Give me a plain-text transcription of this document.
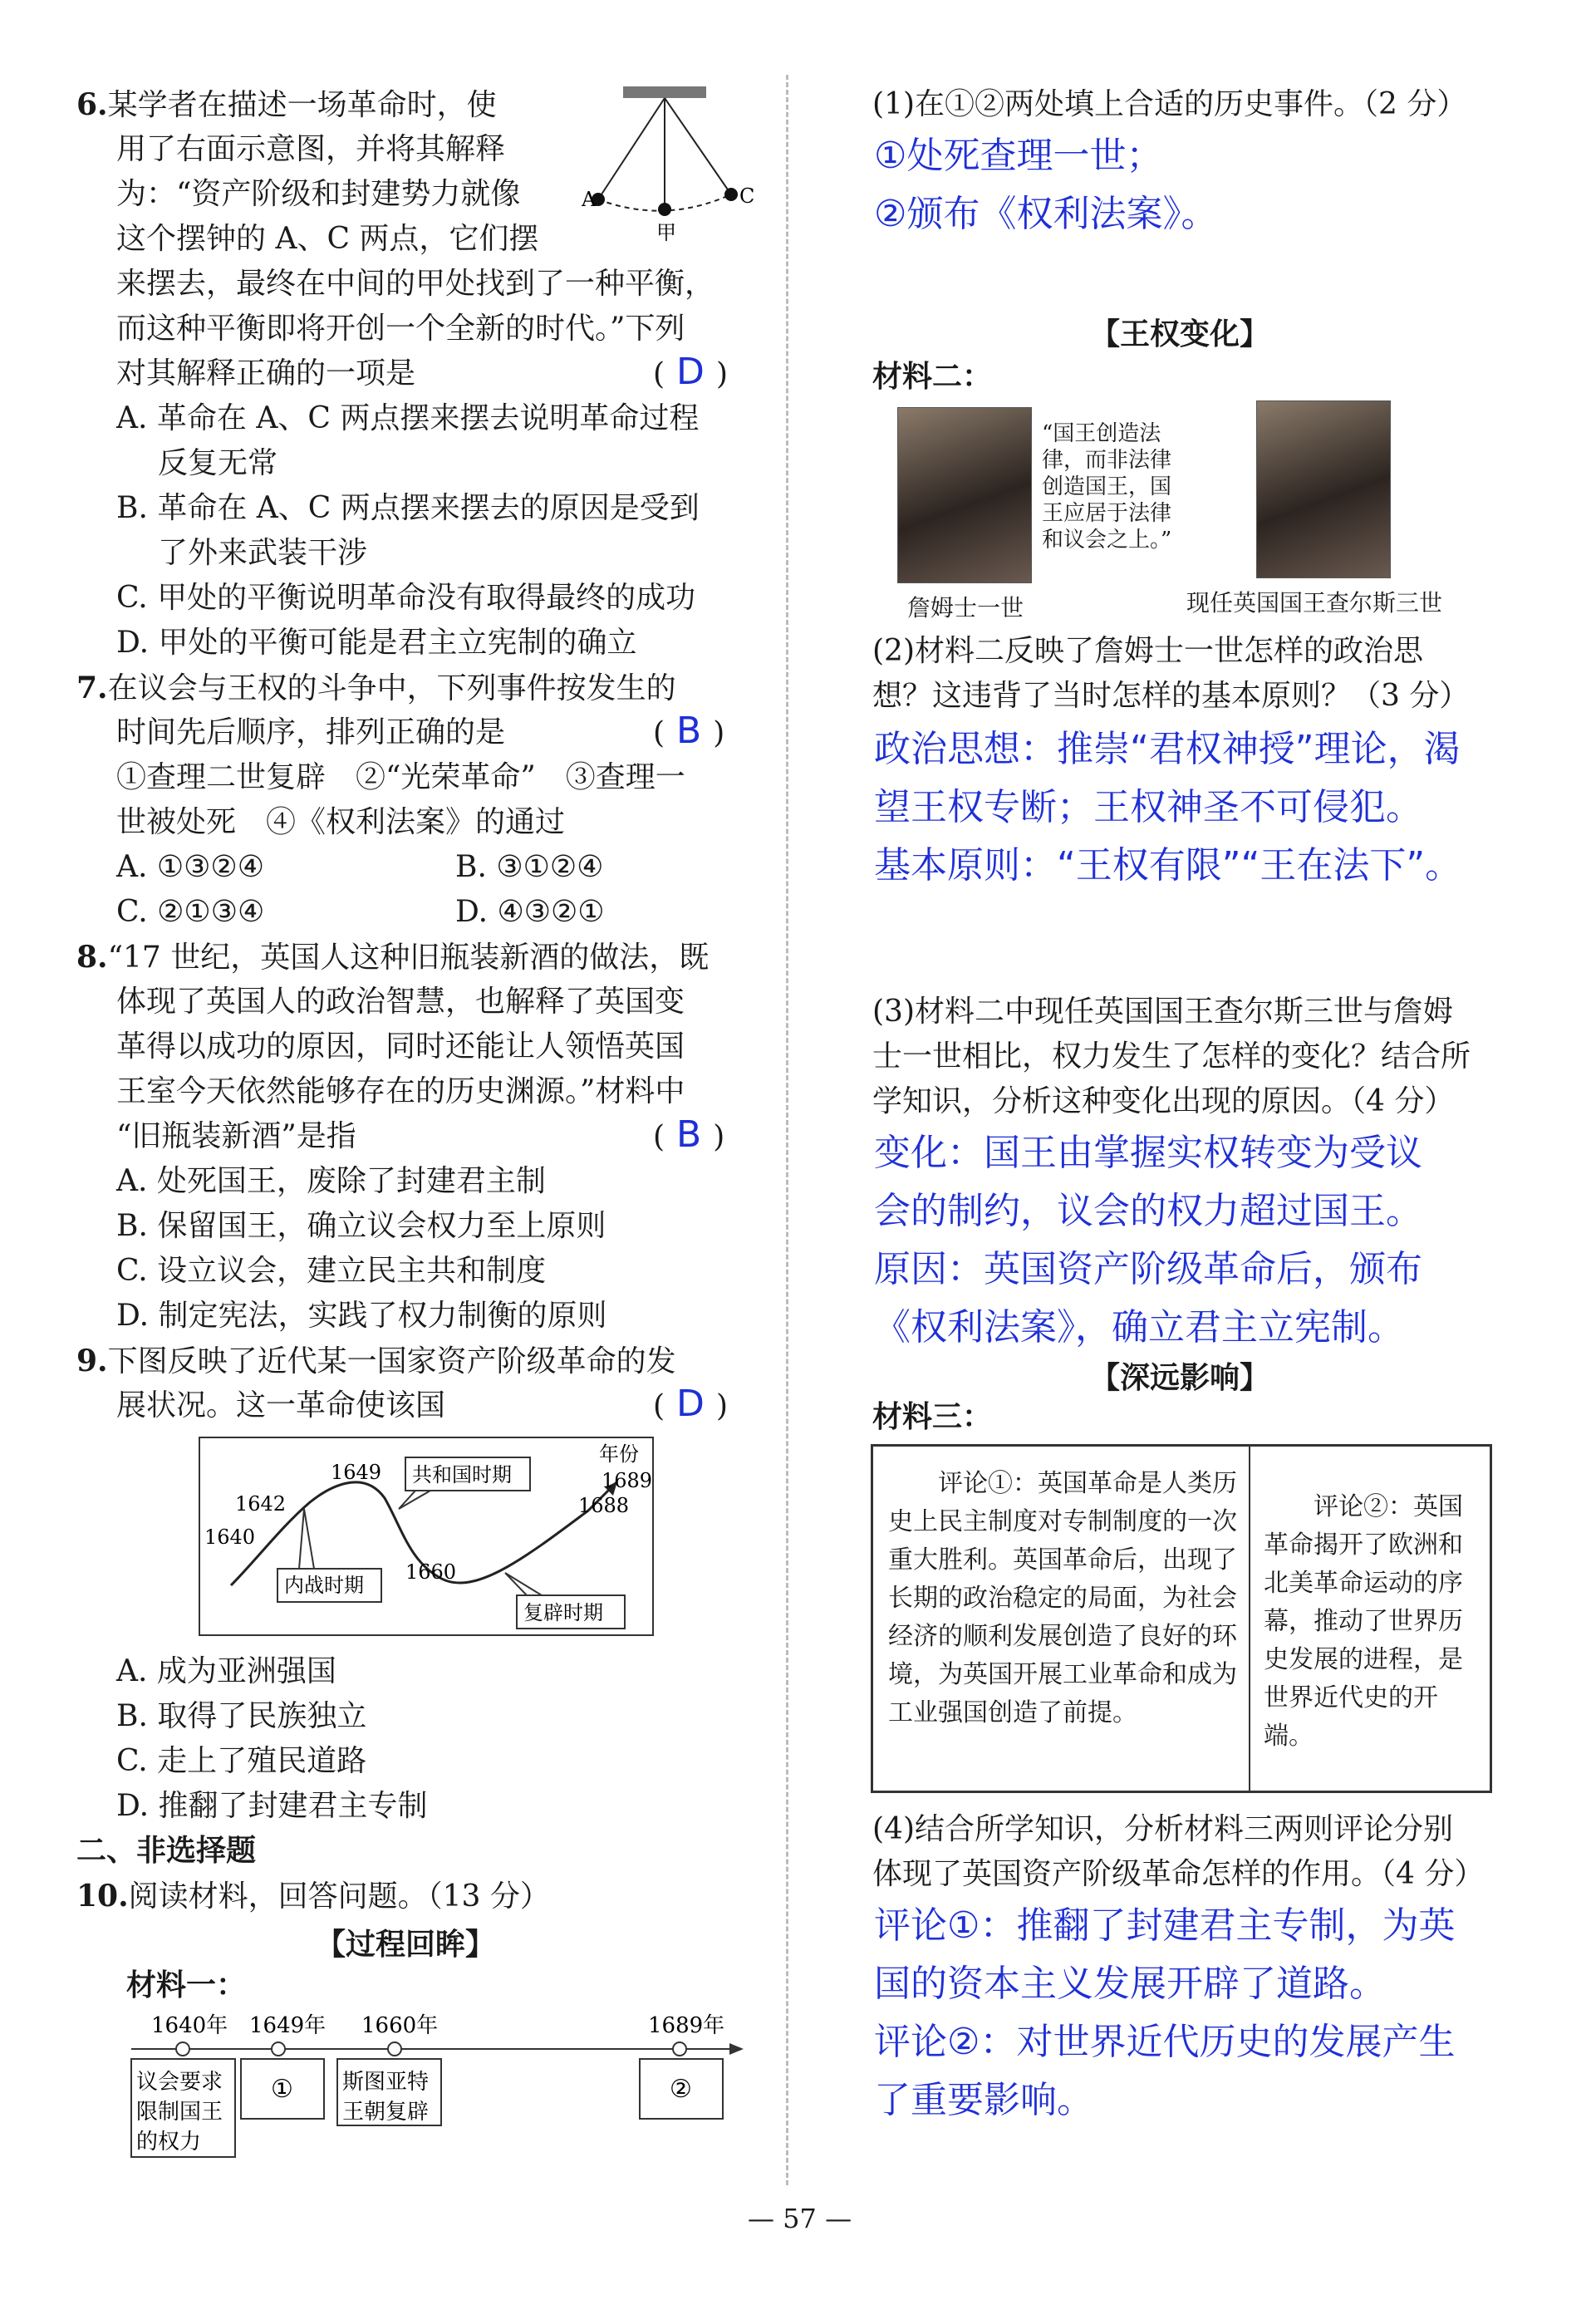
6.某学者在描述一场革命时，使
用了右面示意图，并将其解释
为：“资产阶级和封建势力就像
这个摆钟的 A、C 两点，它们摆
来摆去，最终在中间的甲处找到了一种平衡，
而这种平衡即将开创一个全新的时代。”下列
对其解释正确的一项是	( D )
A	C
甲
A. 革命在 A、C 两点摆来摆去说明革命过程
反复无常
B. 革命在 A、C 两点摆来摆去的原因是受到
了外来武装干涉
C. 甲处的平衡说明革命没有取得最终的成功
D. 甲处的平衡可能是君主立宪制的确立
7.在议会与王权的斗争中，下列事件按发生的
时间先后顺序，排列正确的是	( B )
①查理二世复辟　②“光荣革命”　③查理一
世被处死　④《权利法案》的通过
A. ①③②④	B. ③①②④
C. ②①③④	D. ④③②①
8.“17 世纪，英国人这种旧瓶装新酒的做法，既
体现了英国人的政治智慧，也解释了英国变
革得以成功的原因，同时还能让人领悟英国
王室今天依然能够存在的历史渊源。”材料中
“旧瓶装新酒”是指	( B )
A. 处死国王，废除了封建君主制
B. 保留国王，确立议会权力至上原则
C. 设立议会，建立民主共和制度
D. 制定宪法，实践了权力制衡的原则
9.下图反映了近代某一国家资产阶级革命的发
展状况。这一革命使该国	( D )
年份
1640
1642
1649
1660
1688
1689
共和国时期
内战时期
复辟时期
A. 成为亚洲强国
B. 取得了民族独立
C. 走上了殖民道路
D. 推翻了封建君主专制
二、非选择题
10.阅读材料，回答问题。（13 分）
【过程回眸】
材料一：
1640年 1649年 1660年	1689年
议会要求
限制国王
的权力
① 斯图亚特
王朝复辟
②
(1)在①②两处填上合适的历史事件。（2 分）
①处死查理一世；
②颁布《权利法案》。
【王权变化】
材料二：
“国王创造法
律，而非法律
创造国王，国
王应居于法律
和议会之上。”
詹姆士一世	现任英国国王查尔斯三世
(2)材料二反映了詹姆士一世怎样的政治思
想？这违背了当时怎样的基本原则？（3 分）
政治思想：推崇“君权神授”理论，渴
望王权专断；王权神圣不可侵犯。
基本原则：“王权有限”“王在法下”。
(3)材料二中现任英国国王查尔斯三世与詹姆
士一世相比，权力发生了怎样的变化？结合所
学知识，分析这种变化出现的原因。（4 分）
变化：国王由掌握实权转变为受议
会的制约，议会的权力超过国王。
原因：英国资产阶级革命后，颁布
《权利法案》，确立君主立宪制。
【深远影响】
材料三：
评论①：英国革命是人类历史上民主制度对专制制度的一次重大胜利。英国革命后，出现了长期的政治稳定的局面，为社会经济的顺利发展创造了良好的环境，为英国开展工业革命和成为工业强国创造了前提。
评论②：英国革命揭开了欧洲和北美革命运动的序幕，推动了世界历史发展的进程，是世界近代史的开端。
(4)结合所学知识，分析材料三两则评论分别
体现了英国资产阶级革命怎样的作用。（4 分）
评论①：推翻了封建君主专制，为英
国的资本主义发展开辟了道路。
评论②：对世界近代历史的发展产生
了重要影响。
— 57 —
